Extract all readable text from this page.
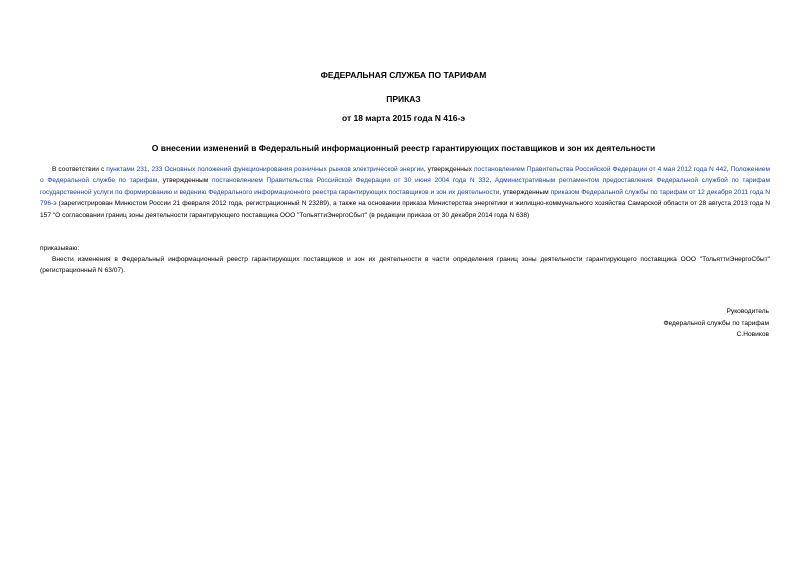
ФЕДЕРАЛЬНАЯ СЛУЖБА ПО ТАРИФАМ
ПРИКАЗ
от 18 марта 2015 года N 416-э
О внесении изменений в Федеральный информационный реестр гарантирующих поставщиков и зон их деятельности
В соответствии с пунктами 231, 233 Основных положений функционирования розничных рынков электрической энергии, утвержденных постановлением Правительства Российской Федерации от 4 мая 2012 года N 442, Положением о Федеральной службе по тарифам, утвержденным постановлением Правительства Российской Федерации от 30 июня 2004 года N 332, Административным регламентом предоставления Федеральной службой по тарифам государственной услуги по формированию и ведению Федерального информационного реестра гарантирующих поставщиков и зон их деятельности, утвержденным приказом Федеральной службы по тарифам от 12 декабря 2011 года N 796-э (зарегистрирован Минюстом России 21 февраля 2012 года, регистрационный N 23289), а также на основании приказа Министерства энергетики и жилищно-коммунального хозяйства Самарской области от 28 августа 2013 года N 157 "О согласовании границ зоны деятельности гарантирующего поставщика ООО "ТольяттиЭнергоСбыт" (в редакции приказа от 30 декабря 2014 года N 638)
приказываю:
Внести изменения в Федеральный информационный реестр гарантирующих поставщиков и зон их деятельности в части определения границ зоны деятельности гарантирующего поставщика ООО "ТольяттиЭнергоСбыт" (регистрационный N 63/07).
Руководитель
Федеральной службы по тарифам
С.Новиков
